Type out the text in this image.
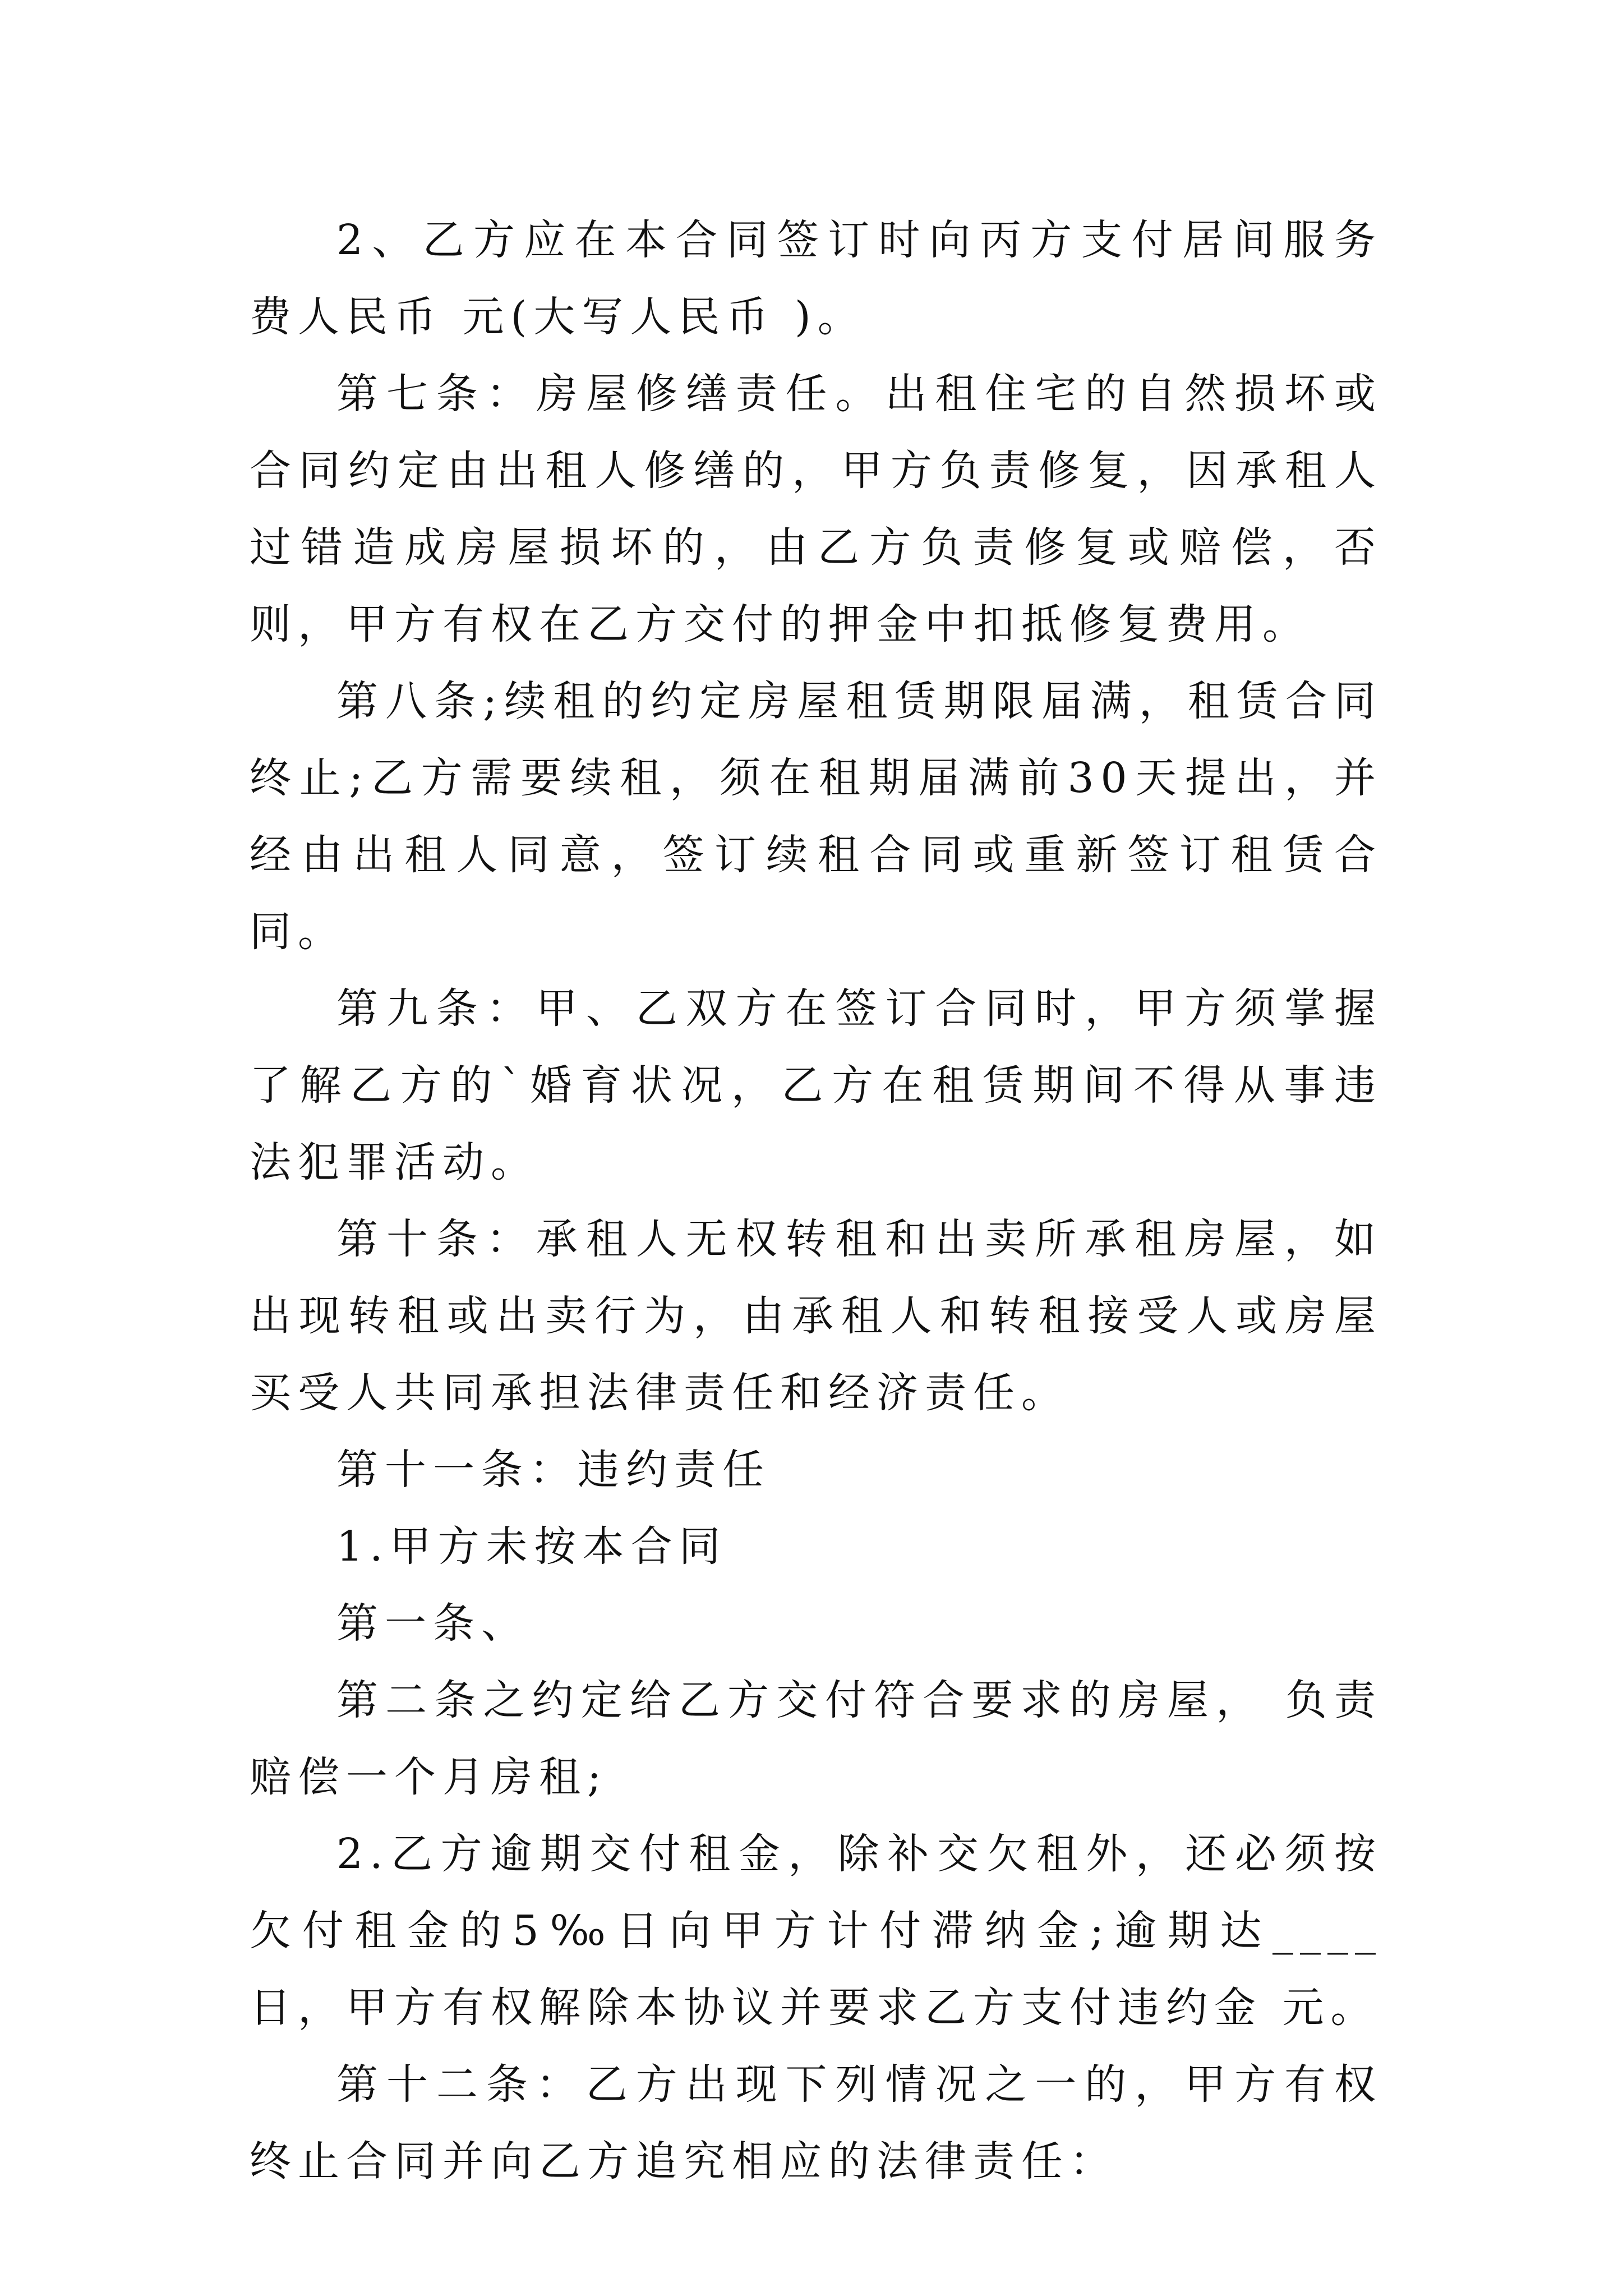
2、乙方应在本合同签订时向丙方支付居间服务费人民币 元(大写人民币 )。

第七条：房屋修缮责任。出租住宅的自然损坏或合同约定由出租人修缮的，甲方负责修复，因承租人过错造成房屋损坏的，由乙方负责修复或赔偿，否则，甲方有权在乙方交付的押金中扣抵修复费用。

第八条;续租的约定房屋租赁期限届满，租赁合同终止;乙方需要续租，须在租期届满前30天提出，并经由出租人同意，签订续租合同或重新签订租赁合同。

第九条：甲、乙双方在签订合同时，甲方须掌握了解乙方的`婚育状况，乙方在租赁期间不得从事违法犯罪活动。

第十条：承租人无权转租和出卖所承租房屋，如出现转租或出卖行为，由承租人和转租接受人或房屋买受人共同承担法律责任和经济责任。

第十一条：违约责任

1.甲方未按本合同

第一条、

第二条之约定给乙方交付符合要求的房屋， 负责赔偿一个月房租;

2.乙方逾期交付租金，除补交欠租外，还必须按欠付租金的5‰日向甲方计付滞纳金;逾期达____日，甲方有权解除本协议并要求乙方支付违约金 元。

第十二条：乙方出现下列情况之一的，甲方有权终止合同并向乙方追究相应的法律责任：
